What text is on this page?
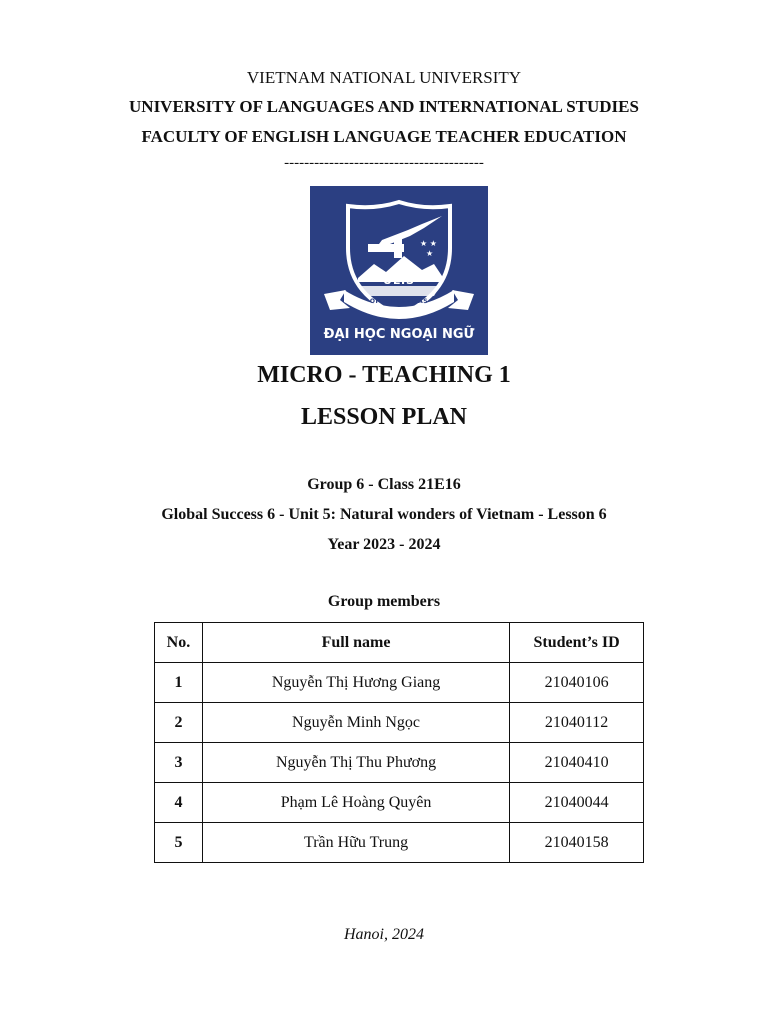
VIETNAM NATIONAL UNIVERSITY
UNIVERSITY OF LANGUAGES AND INTERNATIONAL STUDIES
FACULTY OF ENGLISH LANGUAGE TEACHER EDUCATION
----------------------------------------
★ ★
★
ULIS
OPPORTUNITAS
ĐẠI HỌC NGOẠI NGỮ
MICRO - TEACHING 1
LESSON PLAN
Group 6 - Class 21E16
Global Success 6 - Unit 5: Natural wonders of Vietnam - Lesson 6
Year 2023 - 2024
Group members
No.	Full name	Student’s ID
1	Nguyễn Thị Hương Giang	21040106
2	Nguyễn Minh Ngọc	21040112
3	Nguyễn Thị Thu Phương	21040410
4	Phạm Lê Hoàng Quyên	21040044
5	Trần Hữu Trung	21040158
Hanoi, 2024
